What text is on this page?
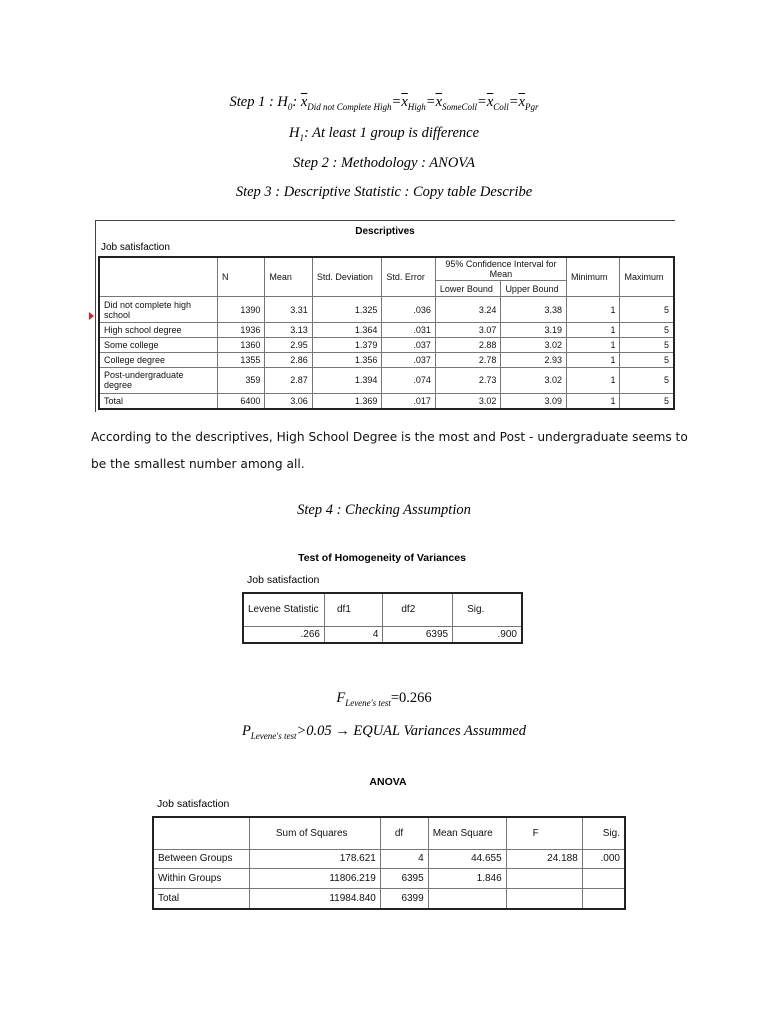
Step 1 : $H_0$: $\overline{x}_{Did not Complete High}=\overline{x}_{High}=\overline{x}_{SomeColl}=\overline{x}_{Coll}=\overline{x}_{Pgr}$
$H_1$: At least 1 group is difference
Step 2 : Methodology : ANOVA
Step 3 : Descriptive Statistic : Copy table Describe
Descriptives
Job satisfaction
	N	Mean	Std. Deviation	Std. Error	95% Confidence Interval for Mean		Minimum	Maximum
					Lower Bound	Upper Bound		
Did not complete high school	1390	3.31	1.325	.036	3.24	3.38	1	5
High school degree	1936	3.13	1.364	.031	3.07	3.19	1	5
Some college	1360	2.95	1.379	.037	2.88	3.02	1	5
College degree	1355	2.86	1.356	.037	2.78	2.93	1	5
Post-undergraduate degree	359	2.87	1.394	.074	2.73	3.02	1	5
Total	6400	3.06	1.369	.017	3.02	3.09	1	5
According to the descriptives, High School Degree is the most and Post - undergraduate seems to be the smallest number among all.
Step 4 : Checking Assumption
Test of Homogeneity of Variances
Job satisfaction
Levene Statistic	df1	df2	Sig.
.266	4	6395	.900
$F_{Levene's test}=0.266$
$P_{Levene's test}>0.05$ → EQUAL Variances Assummed
ANOVA
Job satisfaction
	Sum of Squares	df	Mean Square	F	Sig.
Between Groups	178.621	4	44.655	24.188	.000
Within Groups	11806.219	6395	1.846		
Total	11984.840	6399			
